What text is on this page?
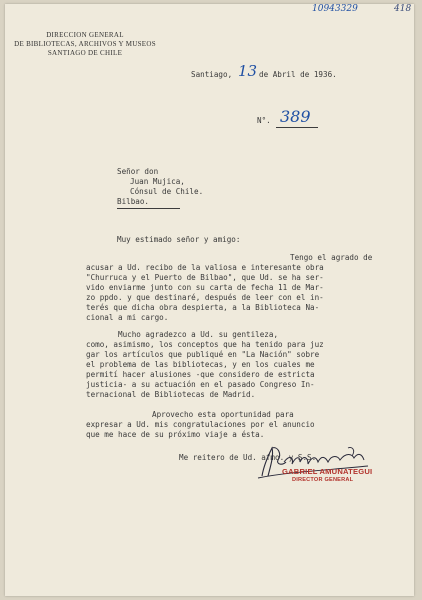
10943329	418
DIRECCION GENERAL
DE BIBLIOTECAS, ARCHIVOS Y MUSEOS
SANTIAGO DE CHILE
Santiago, 13 de Abril de 1936.
N°. 389
Señor don
Juan Mujica,
Cónsul de Chile.
Bilbao.
Muy estimado señor y amigo:
Tengo el agrado de
acusar a Ud. recibo de la valiosa e interesante obra
"Churruca y el Puerto de Bilbao", que Ud. se ha ser-
vido enviarme junto con su carta de fecha 11 de Mar-
zo ppdo. y que destinaré, después de leer con el in-
terés que dicha obra despierta, a la Biblioteca Na-
cional a mi cargo.
Mucho agradezco a Ud. su gentileza,
como, asimismo, los conceptos que ha tenido para juz
gar los artículos que publiqué en "La Nación" sobre
el problema de las bibliotecas, y en los cuales me
permití hacer alusiones -que considero de estricta
justicia- a su actuación en el pasado Congreso In-
ternacional de Bibliotecas de Madrid.
Aprovecho esta oportunidad para
expresar a Ud. mis congratulaciones por el anuncio
que me hace de su próximo viaje a ésta.
Me reitero de Ud. afmo. y S.S.
GABRIEL AMUNATEGUI
DIRECTOR GENERAL
